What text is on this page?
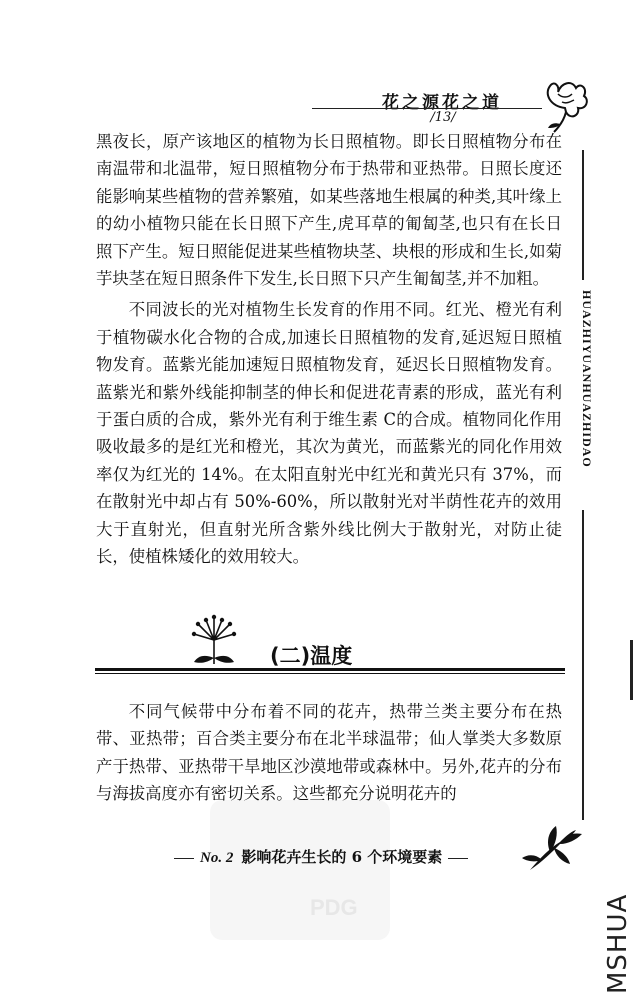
花之源花之道
/13/
HUAZHIYUANHUAZHIDAO

黑夜长，原产该地区的植物为长日照植物。即长日照植物分布在南温带和北温带，短日照植物分布于热带和亚热带。日照长度还能影响某些植物的营养繁殖，如某些落地生根属的种类,其叶缘上的幼小植物只能在长日照下产生,虎耳草的匍匐茎,也只有在长日照下产生。短日照能促进某些植物块茎、块根的形成和生长,如菊芋块茎在短日照条件下发生,长日照下只产生匍匐茎,并不加粗。

不同波长的光对植物生长发育的作用不同。红光、橙光有利于植物碳水化合物的合成,加速长日照植物的发育,延迟短日照植物发育。蓝紫光能加速短日照植物发育，延迟长日照植物发育。蓝紫光和紫外线能抑制茎的伸长和促进花青素的形成，蓝光有利于蛋白质的合成，紫外光有利于维生素 C的合成。植物同化作用吸收最多的是红光和橙光，其次为黄光，而蓝紫光的同化作用效率仅为红光的 14%。在太阳直射光中红光和黄光只有 37%，而在散射光中却占有 50%-60%，所以散射光对半荫性花卉的效用大于直射光，但直射光所含紫外线比例大于散射光，对防止徒长，使植株矮化的效用较大。

(二)温度

不同气候带中分布着不同的花卉，热带兰类主要分布在热带、亚热带；百合类主要分布在北半球温带；仙人掌类大多数原产于热带、亚热带干旱地区沙漠地带或森林中。另外,花卉的分布与海拔高度亦有密切关系。这些都充分说明花卉的

PDG
No. 2 影响花卉生长的 6 个环境要素
MSHUA
